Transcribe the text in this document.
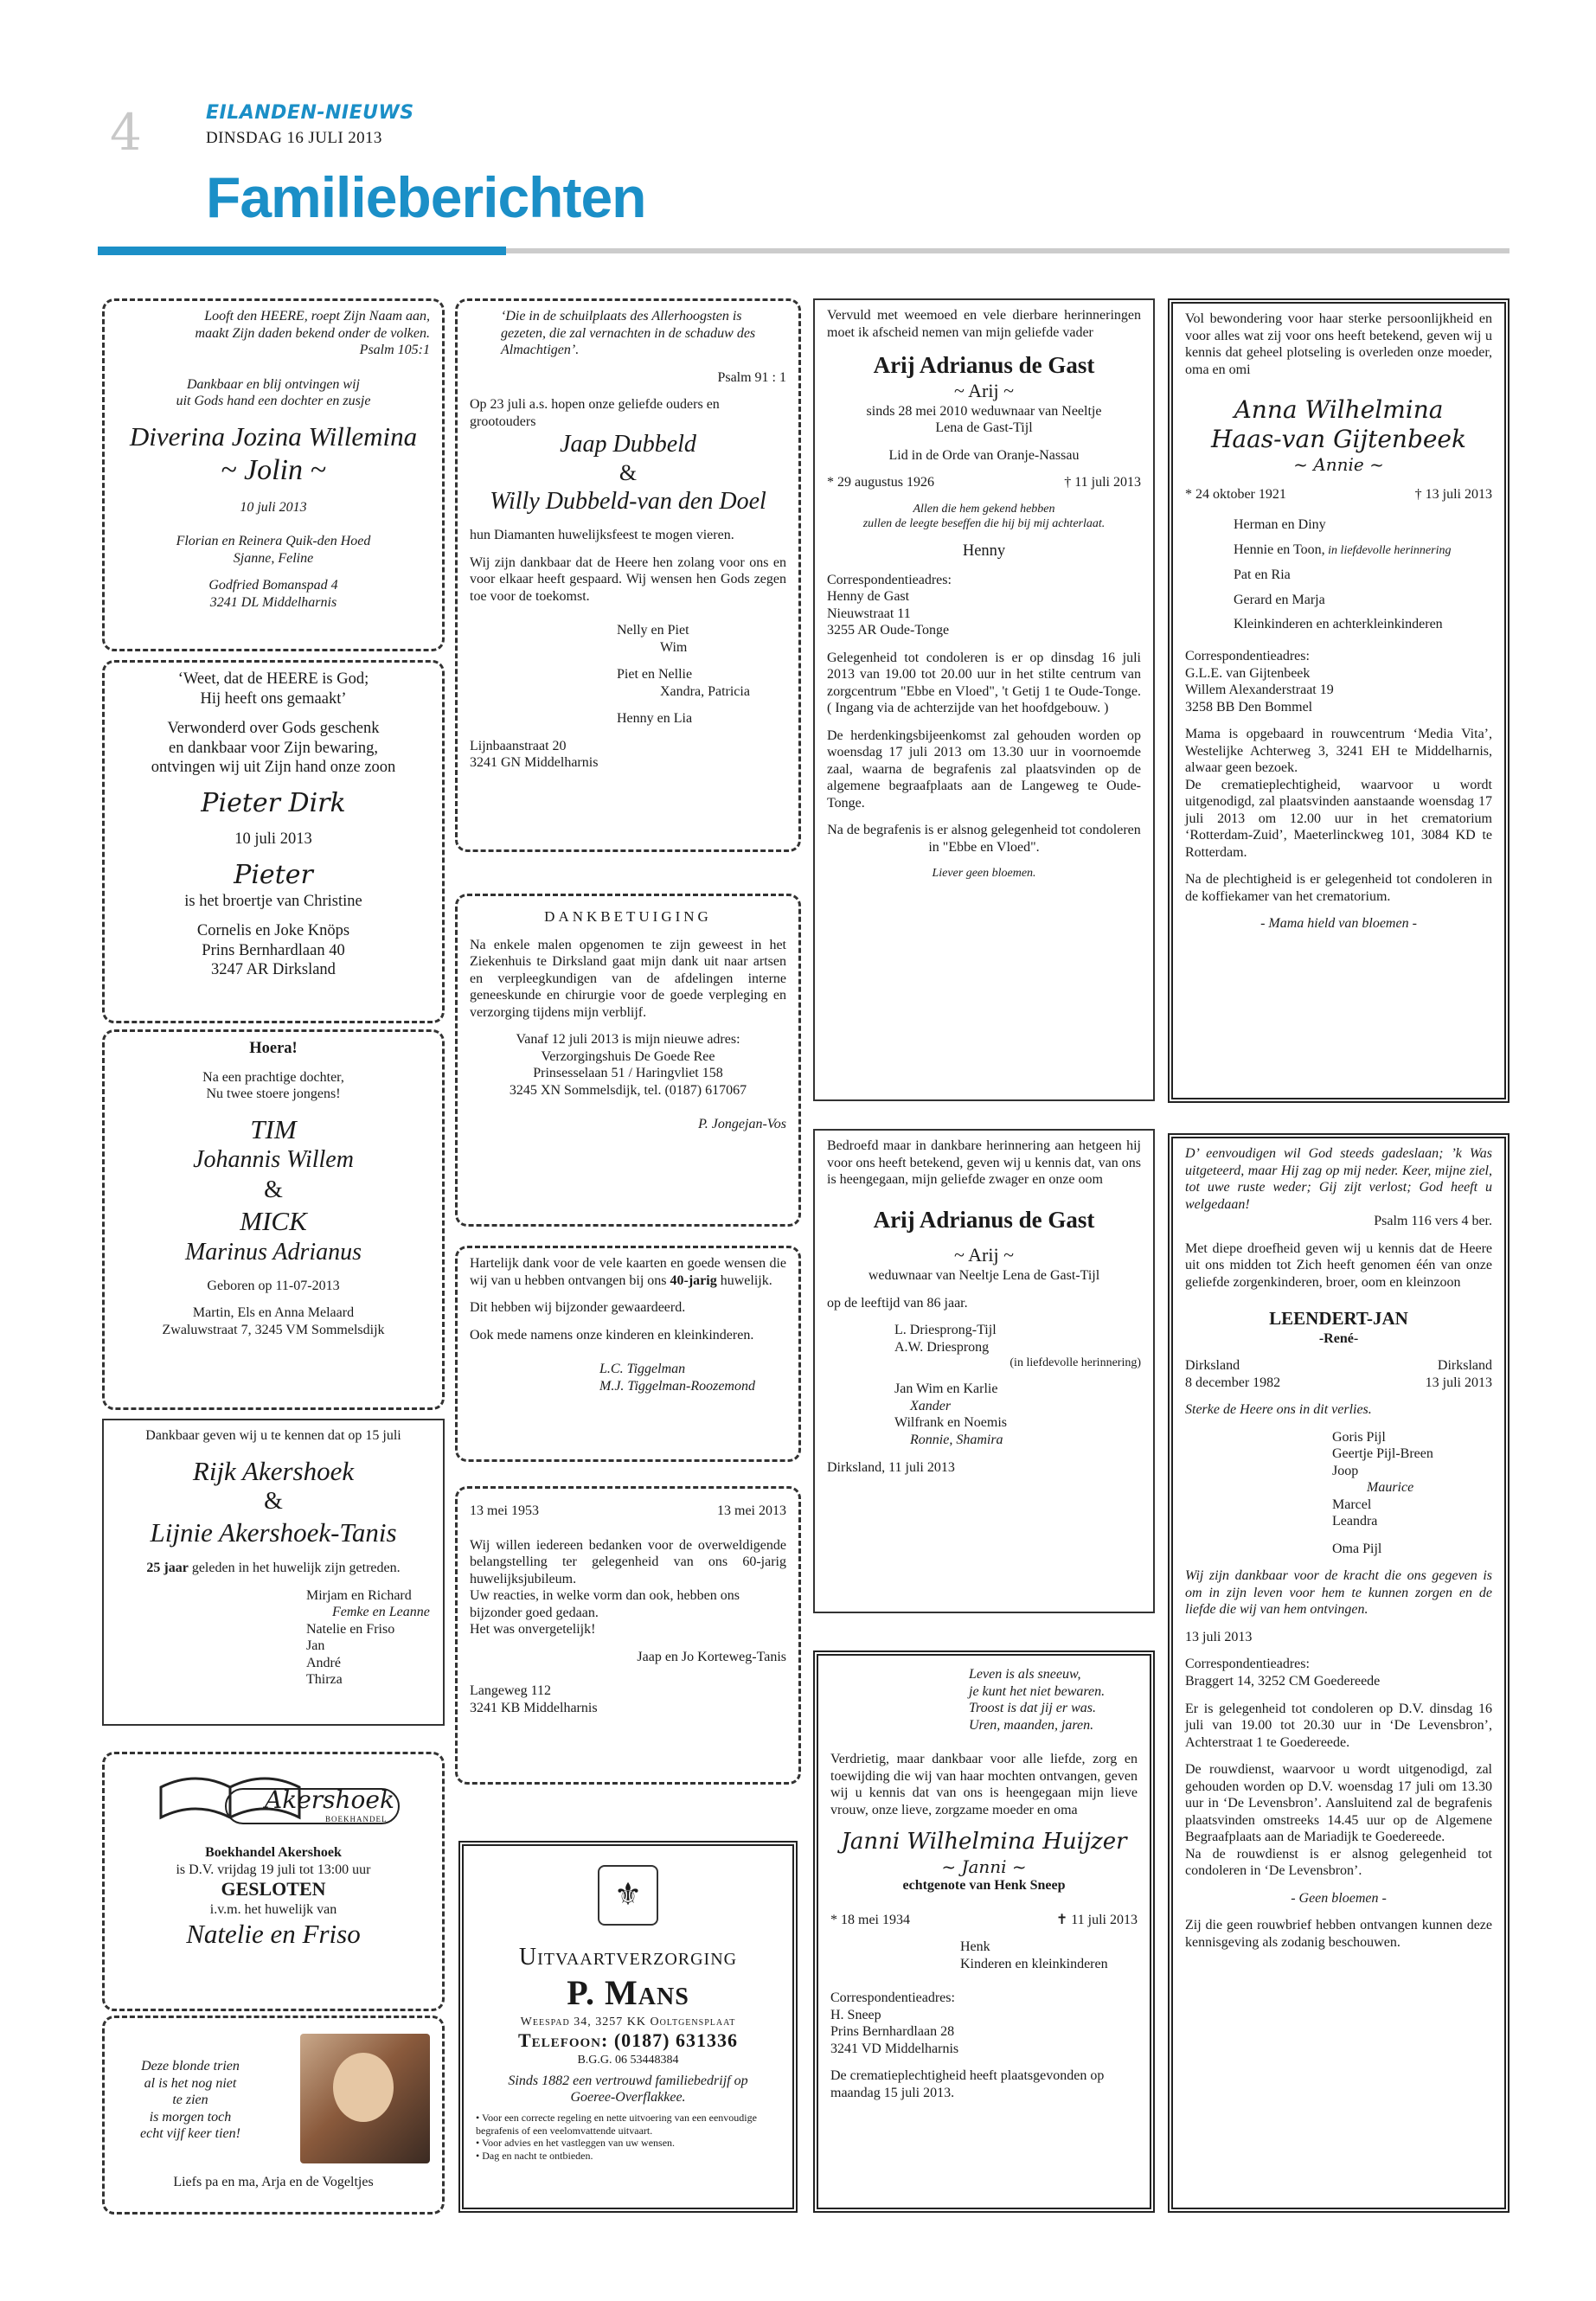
4	EILANDEN-NIEUWS
DINSDAG 16 JULI 2013
Familieberichten

Looft den HEERE, roept Zijn Naam aan,

maakt Zijn daden bekend onder de volken.

Psalm 105:1

Dankbaar en blij ontvingen wij

uit Gods hand een dochter en zusje

Diverina Jozina Willemina

~ Jolin ~

10 juli 2013

Florian en Reinera Quik-den Hoed

Sjanne, Feline

Godfried Bomanspad 4

3241 DL Middelharnis

‘Weet, dat de HEERE is God;

Hij heeft ons gemaakt’

Verwonderd over Gods geschenk

en dankbaar voor Zijn bewaring,

ontvingen wij uit Zijn hand onze zoon

Pieter Dirk

10 juli 2013

Pieter

is het broertje van Christine

Cornelis en Joke Knöps

Prins Bernhardlaan 40

3247 AR Dirksland

Hoera!

Na een prachtige dochter,

Nu twee stoere jongens!

TIM

Johannis Willem

&

MICK

Marinus Adrianus

Geboren op 11-07-2013

Martin, Els en Anna Melaard

Zwaluwstraat 7, 3245 VM Sommelsdijk

Dankbaar geven wij u te kennen dat op 15 juli

Rijk Akershoek

&

Lijnie Akershoek-Tanis

25 jaar geleden in het huwelijk zijn getreden.

Mirjam en Richard

Femke en Leanne

Natelie en Friso

Jan

André

Thirza

Akershoek
BOEKHANDEL

Boekhandel Akershoek

is D.V. vrijdag 19 juli tot 13:00 uur

GESLOTEN

i.v.m. het huwelijk van

Natelie en Friso

Deze blonde trien

al is het nog niet

te zien

is morgen toch

echt vijf keer tien!

Liefs pa en ma, Arja en de Vogeltjes

‘Die in de schuilplaats des Allerhoogsten is gezeten, die zal vernachten in de schaduw des Almachtigen’.

Psalm 91 : 1

Op 23 juli a.s. hopen onze geliefde ouders en grootouders

Jaap Dubbeld

&

Willy Dubbeld-van den Doel

hun Diamanten huwelijksfeest te mogen vieren.

Wij zijn dankbaar dat de Heere hen zolang voor ons en voor elkaar heeft gespaard. Wij wensen hen Gods zegen toe voor de toekomst.

Nelly en Piet

Wim

Piet en Nellie

Xandra, Patricia

Henny en Lia

Lijnbaanstraat 20

3241 GN Middelharnis

DANKBETUIGING

Na enkele malen opgenomen te zijn geweest in het Ziekenhuis te Dirksland gaat mijn dank uit naar artsen en verpleegkundigen van de afdelingen interne geneeskunde en chirurgie voor de goede verpleging en verzorging tijdens mijn verblijf.

Vanaf 12 juli 2013 is mijn nieuwe adres:

Verzorgingshuis De Goede Ree

Prinsesselaan 51 / Haringvliet 158

3245 XN Sommelsdijk, tel. (0187) 617067

P. Jongejan-Vos

Hartelijk dank voor de vele kaarten en goede wensen die wij van u hebben ontvangen bij ons 40-jarig huwelijk.

Dit hebben wij bijzonder gewaardeerd.

Ook mede namens onze kinderen en kleinkinderen.

L.C. Tiggelman

M.J. Tiggelman-Roozemond

13 mei 1953	13 mei 2013

Wij willen iedereen bedanken voor de overweldigende belangstelling ter gelegenheid van ons 60-jarig huwelijksjubileum.

Uw reacties, in welke vorm dan ook, hebben ons bijzonder goed gedaan.

Het was onvergetelijk!

Jaap en Jo Korteweg-Tanis

Langeweg 112

3241 KB Middelharnis

⚜

Uitvaartverzorging

P. Mans

Weespad 34, 3257 KK Ooltgensplaat

Telefoon: (0187) 631336

B.G.G. 06 53448384

Sinds 1882 een vertrouwd familiebedrijf op Goeree-Overflakkee.

• Voor een correcte regeling en nette uitvoering van een eenvoudige begrafenis of een veelomvattende uitvaart.

• Voor advies en het vastleggen van uw wensen.

• Dag en nacht te ontbieden.

Vervuld met weemoed en vele dierbare herinneringen moet ik afscheid nemen van mijn geliefde vader

Arij Adrianus de Gast

~ Arij ~

sinds 28 mei 2010 weduwnaar van Neeltje

Lena de Gast-Tijl

Lid in de Orde van Oranje-Nassau

* 29 augustus 1926	† 11 juli 2013

Allen die hem gekend hebben

zullen de leegte beseffen die hij bij mij achterlaat.

Henny

Correspondentieadres:

Henny de Gast

Nieuwstraat 11

3255 AR Oude-Tonge

Gelegenheid tot condoleren is er op dinsdag 16 juli 2013 van 19.00 tot 20.00 uur in het stilte centrum van zorgcentrum "Ebbe en Vloed", 't Getij 1 te Oude-Tonge. ( Ingang via de achterzijde van het hoofdgebouw. )

De herdenkingsbijeenkomst zal gehouden worden op woensdag 17 juli 2013 om 13.30 uur in voornoemde zaal, waarna de begrafenis zal plaatsvinden op de algemene begraafplaats aan de Langeweg te Oude-Tonge.

Na de begrafenis is er alsnog gelegenheid tot condoleren in "Ebbe en Vloed".

Liever geen bloemen.

Bedroefd maar in dankbare herinnering aan hetgeen hij voor ons heeft betekend, geven wij u kennis dat, van ons is heengegaan, mijn geliefde zwager en onze oom

Arij Adrianus de Gast

~ Arij ~

weduwnaar van Neeltje Lena de Gast-Tijl

op de leeftijd van 86 jaar.

L. Driesprong-Tijl

A.W. Driesprong

(in liefdevolle herinnering)

Jan Wim en Karlie

Xander

Wilfrank en Noemis

Ronnie, Shamira

Dirksland, 11 juli 2013

Leven is als sneeuw,

je kunt het niet bewaren.

Troost is dat jij er was.

Uren, maanden, jaren.

Verdrietig, maar dankbaar voor alle liefde, zorg en toewijding die wij van haar mochten ontvangen, geven wij u kennis dat van ons is heengegaan mijn lieve vrouw, onze lieve, zorgzame moeder en oma

Janni Wilhelmina Huijzer

~ Janni ~

echtgenote van Henk Sneep

* 18 mei 1934	✝ 11 juli 2013

Henk

Kinderen en kleinkinderen

Correspondentieadres:

H. Sneep

Prins Bernhardlaan 28

3241 VD Middelharnis

De crematieplechtigheid heeft plaatsgevonden op maandag 15 juli 2013.

Vol bewondering voor haar sterke persoonlijkheid en voor alles wat zij voor ons heeft betekend, geven wij u kennis dat geheel plotseling is overleden onze moeder, oma en omi

Anna Wilhelmina

Haas-van Gijtenbeek

~ Annie ~

* 24 oktober 1921	† 13 juli 2013

Herman en Diny

Hennie en Toon, in liefdevolle herinnering

Pat en Ria

Gerard en Marja

Kleinkinderen en achterkleinkinderen

Correspondentieadres:

G.L.E. van Gijtenbeek

Willem Alexanderstraat 19

3258 BB Den Bommel

Mama is opgebaard in rouwcentrum ‘Media Vita’, Westelijke Achterweg 3, 3241 EH te Middelharnis, alwaar geen bezoek.

De crematieplechtigheid, waarvoor u wordt uitgenodigd, zal plaatsvinden aanstaande woensdag 17 juli 2013 om 12.00 uur in het crematorium ‘Rotterdam-Zuid’, Maeterlinckweg 101, 3084 KD te Rotterdam.

Na de plechtigheid is er gelegenheid tot condoleren in de koffiekamer van het crematorium.

- Mama hield van bloemen -

D’ eenvoudigen wil God steeds gadeslaan; ’k Was uitgeteerd, maar Hij zag op mij neder. Keer, mijne ziel, tot uwe ruste weder; Gij zijt verlost; God heeft u welgedaan!

Psalm 116 vers 4 ber.

Met diepe droefheid geven wij u kennis dat de Heere uit ons midden tot Zich heeft genomen één van onze geliefde zorgenkinderen, broer, oom en kleinzoon

LEENDERT-JAN

-René-

Dirksland	Dirksland
8 december 1982	13 juli 2013

Sterke de Heere ons in dit verlies.

Goris Pijl

Geertje Pijl-Breen

Joop

Maurice

Marcel

Leandra

Oma Pijl

Wij zijn dankbaar voor de kracht die ons gegeven is om in zijn leven voor hem te kunnen zorgen en de liefde die wij van hem ontvingen.

13 juli 2013

Correspondentieadres:

Braggert 14, 3252 CM Goedereede

Er is gelegenheid tot condoleren op D.V. dinsdag 16 juli van 19.00 tot 20.30 uur in ‘De Levensbron’, Achterstraat 1 te Goedereede.

De rouwdienst, waarvoor u wordt uitgenodigd, zal gehouden worden op D.V. woensdag 17 juli om 13.30 uur in ‘De Levensbron’. Aansluitend zal de begrafenis plaatsvinden omstreeks 14.45 uur op de Algemene Begraafplaats aan de Mariadijk te Goedereede.

Na de rouwdienst is er alsnog gelegenheid tot condoleren in ‘De Levensbron’.

- Geen bloemen -

Zij die geen rouwbrief hebben ontvangen kunnen deze kennisgeving als zodanig beschouwen.
